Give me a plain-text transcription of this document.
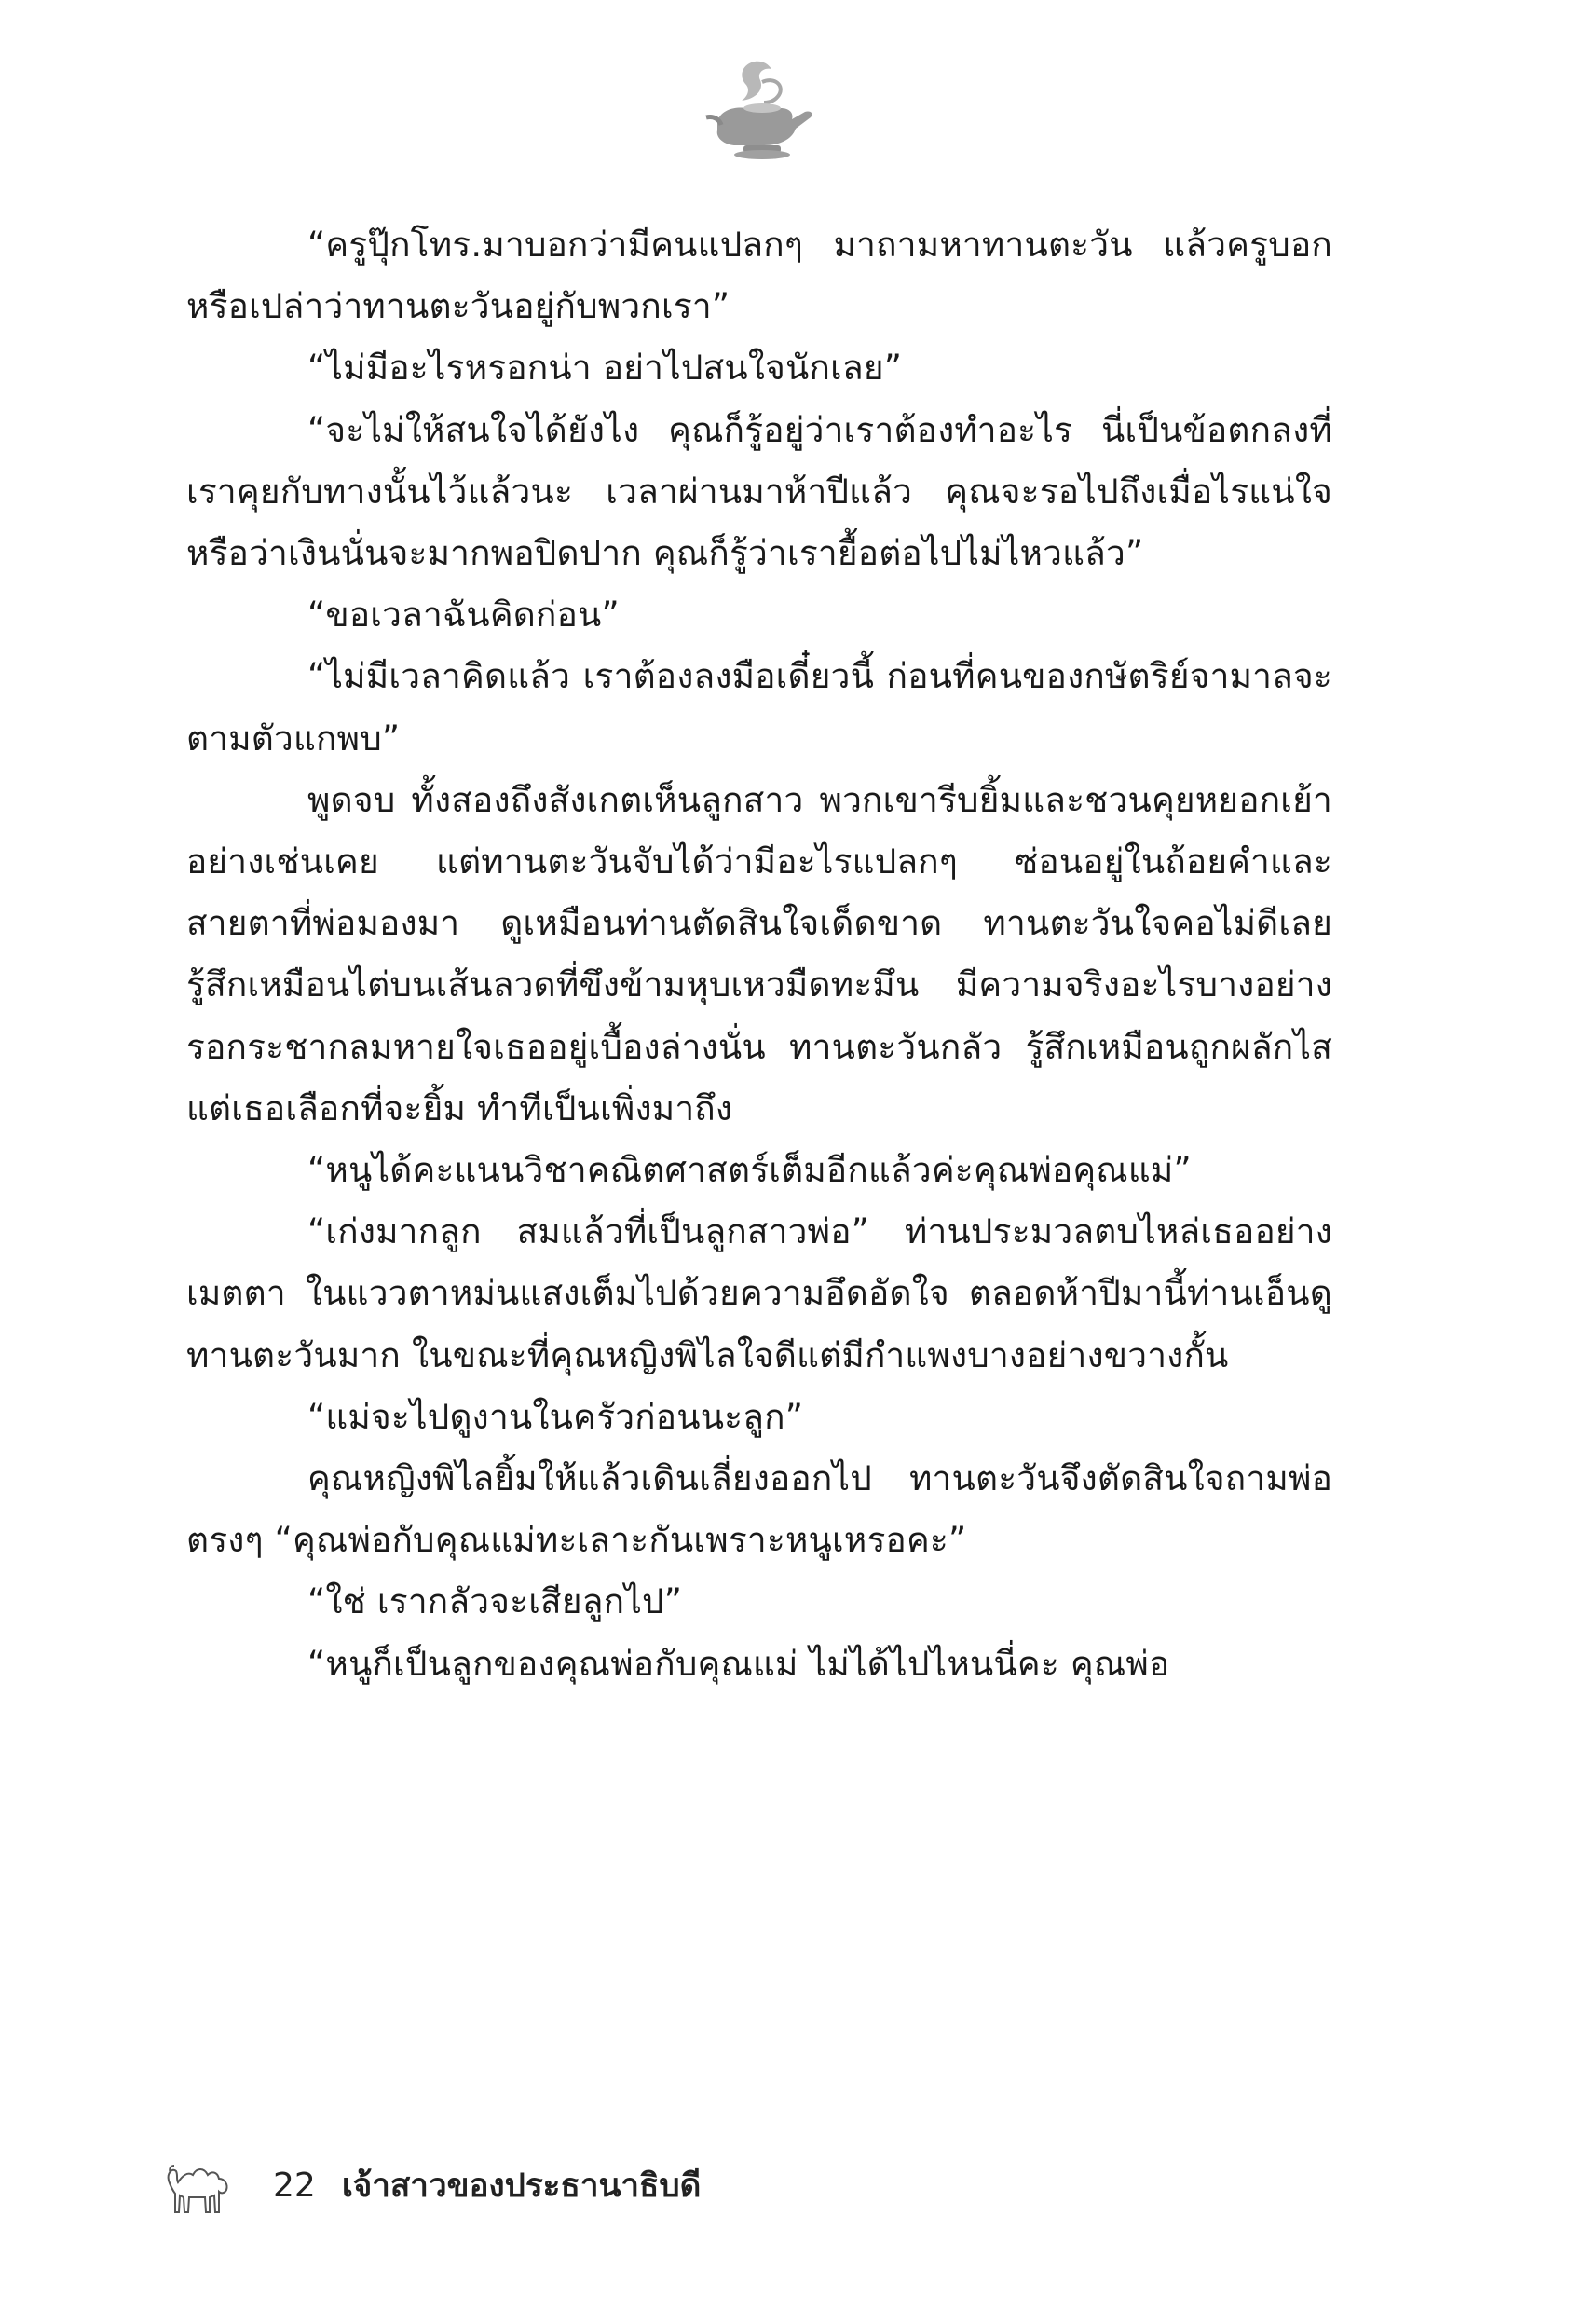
“ครูปุ๊กโทร.มาบอกว่ามีคนแปลกๆ มาถามหาทานตะวัน แล้วครูบอกหรือเปล่าว่าทานตะวันอยู่กับพวกเรา”

“ไม่มีอะไรหรอกน่า อย่าไปสนใจนักเลย”

“จะไม่ให้สนใจได้ยังไง คุณก็รู้อยู่ว่าเราต้องทำอะไร นี่เป็นข้อตกลงที่เราคุยกับทางนั้นไว้แล้วนะ เวลาผ่านมาห้าปีแล้ว คุณจะรอไปถึงเมื่อไรแน่ใจหรือว่าเงินนั่นจะมากพอปิดปาก คุณก็รู้ว่าเรายื้อต่อไปไม่ไหวแล้ว”

“ขอเวลาฉันคิดก่อน”

“ไม่มีเวลาคิดแล้ว เราต้องลงมือเดี๋ยวนี้ ก่อนที่คนของกษัตริย์จามาลจะตามตัวแกพบ”

พูดจบ ทั้งสองถึงสังเกตเห็นลูกสาว พวกเขารีบยิ้มและชวนคุยหยอกเย้าอย่างเช่นเคย แต่ทานตะวันจับได้ว่ามีอะไรแปลกๆ ซ่อนอยู่ในถ้อยคำและสายตาที่พ่อมองมา ดูเหมือนท่านตัดสินใจเด็ดขาด ทานตะวันใจคอไม่ดีเลย รู้สึกเหมือนไต่บนเส้นลวดที่ขึงข้ามหุบเหวมืดทะมึน มีความจริงอะไรบางอย่างรอกระชากลมหายใจเธออยู่เบื้องล่างนั่น ทานตะวันกลัว รู้สึกเหมือนถูกผลักไส แต่เธอเลือกที่จะยิ้ม ทำทีเป็นเพิ่งมาถึง

“หนูได้คะแนนวิชาคณิตศาสตร์เต็มอีกแล้วค่ะคุณพ่อคุณแม่”

“เก่งมากลูก สมแล้วที่เป็นลูกสาวพ่อ” ท่านประมวลตบไหล่เธออย่างเมตตา ในแววตาหม่นแสงเต็มไปด้วยความอึดอัดใจ ตลอดห้าปีมานี้ท่านเอ็นดูทานตะวันมาก ในขณะที่คุณหญิงพิไลใจดีแต่มีกำแพงบางอย่างขวางกั้น

“แม่จะไปดูงานในครัวก่อนนะลูก”

คุณหญิงพิไลยิ้มให้แล้วเดินเลี่ยงออกไป ทานตะวันจึงตัดสินใจถามพ่อตรงๆ “คุณพ่อกับคุณแม่ทะเลาะกันเพราะหนูเหรอคะ”

“ใช่ เรากลัวจะเสียลูกไป”

“หนูก็เป็นลูกของคุณพ่อกับคุณแม่ ไม่ได้ไปไหนนี่คะ คุณพ่อ

22 เจ้าสาวของประธานาธิบดี
